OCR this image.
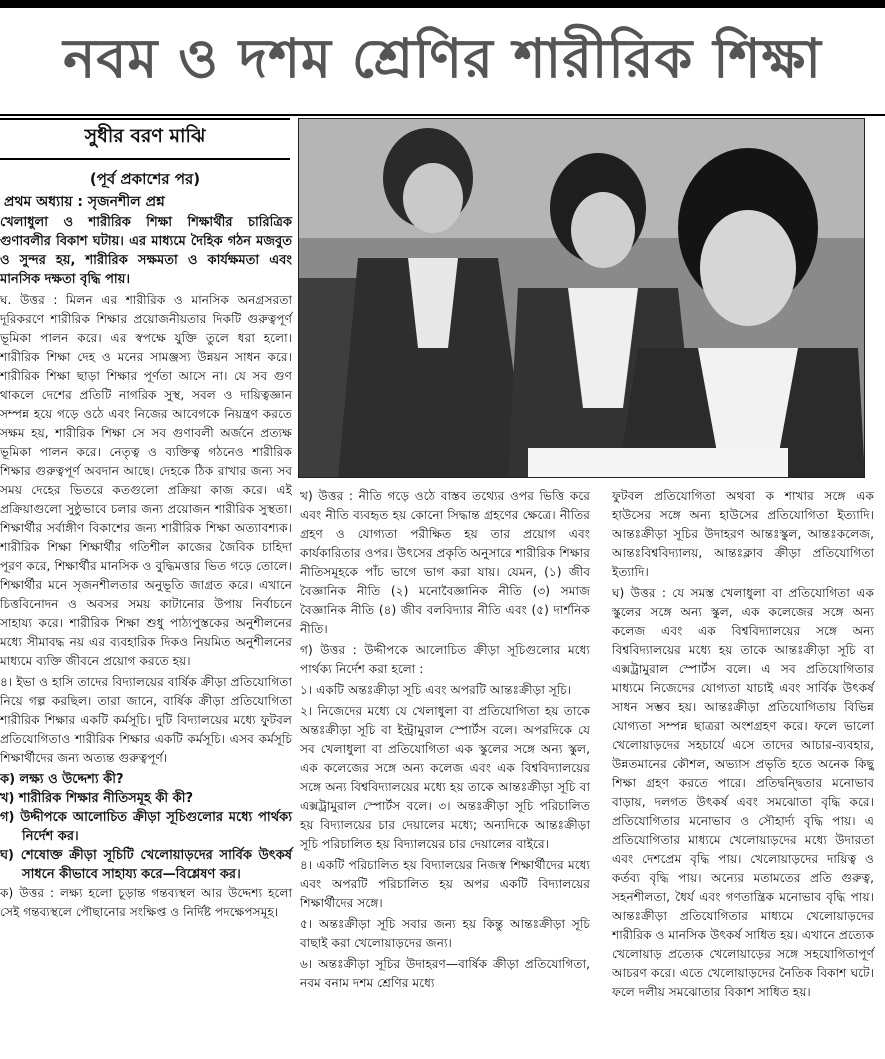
নবম ও দশম শ্রেণির শারীরিক শিক্ষা
সুধীর বরণ মাঝি
(পূর্ব প্রকাশের পর)
প্রথম অধ্যায় : সৃজনশীল প্রশ্ন

খেলাধুলা ও শারীরিক শিক্ষা শিক্ষার্থীর চারিত্রিক গুণাবলীর বিকাশ ঘটায়। এর মাধ্যমে দৈহিক গঠন মজবুত ও সুন্দর হয়, শারীরিক সক্ষমতা ও কার্যক্ষমতা এবং মানসিক দক্ষতা বৃদ্ধি পায়।

ঘ. উত্তর : মিলন এর শারীরিক ও মানসিক অনগ্রসরতা দূরিকরণে শারীরিক শিক্ষার প্রয়োজনীয়তার দিকটি গুরুত্বপূর্ণ ভূমিকা পালন করে। এর স্বপক্ষে যুক্তি তুলে ধরা হলো। শারীরিক শিক্ষা দেহ ও মনের সামঞ্জস্য উন্নয়ন সাধন করে। শারীরিক শিক্ষা ছাড়া শিক্ষার পূর্ণতা আসে না। যে সব গুণ থাকলে দেশের প্রতিটি নাগরিক সুস্থ, সবল ও দায়িত্বজ্ঞান সম্পন্ন হয়ে গড়ে ওঠে এবং নিজের আবেগকে নিয়ন্ত্রণ করতে সক্ষম হয়, শারীরিক শিক্ষা সে সব গুণাবলী অর্জনে প্রত্যক্ষ ভূমিকা পালন করে। নেতৃত্ব ও ব্যক্তিত্ব গঠনেও শারীরিক শিক্ষার গুরুত্বপূর্ণ অবদান আছে। দেহকে ঠিক রাখার জন্য সব সময় দেহের ভিতরে কতগুলো প্রক্রিয়া কাজ করে। এই প্রক্রিয়াগুলো সুষ্ঠুভাবে চলার জন্য প্রয়োজন শারীরিক সুস্থতা। শিক্ষার্থীর সর্বাঙ্গীণ বিকাশের জন্য শারীরিক শিক্ষা অত্যাবশ্যক। শারীরিক শিক্ষা শিক্ষার্থীর গতিশীল কাজের জৈবিক চাহিদা পূরণ করে, শিক্ষার্থীর মানসিক ও বুদ্ধিমত্তার ভিত গড়ে তোলে। শিক্ষার্থীর মনে সৃজনশীলতার অনুভূতি জাগ্রত করে। এখানে চিত্তবিনোদন ও অবসর সময় কাটানোর উপায় নির্বাচনে সাহায্য করে। শারীরিক শিক্ষা শুধু পাঠ্যপুস্তকের অনুশীলনের মধ্যে সীমাবদ্ধ নয় এর ব্যবহারিক দিকও নিয়মিত অনুশীলনের মাধ্যমে ব্যক্তি জীবনে প্রয়োগ করতে হয়।

৪। ইভা ও হাসি তাদের বিদ্যালয়ের বার্ষিক ক্রীড়া প্রতিযোগিতা নিয়ে গল্প করছিল। তারা জানে, বার্ষিক ক্রীড়া প্রতিযোগিতা শারীরিক শিক্ষার একটি কর্মসূচি। দুটি বিদ্যালয়ের মধ্যে ফুটবল প্রতিযোগিতাও শারীরিক শিক্ষার একটি কর্মসূচি। এসব কর্মসূচি শিক্ষার্থীদের জন্য অত্যন্ত গুরুত্বপূর্ণ।

ক) লক্ষ্য ও উদ্দেশ্য কী?
খ) শারীরিক শিক্ষার নীতিসমূহ কী কী?
গ) উদ্দীপকে আলোচিত ক্রীড়া সূচিগুলোর মধ্যে পার্থক্য নির্দেশ কর।
ঘ) শেষোক্ত ক্রীড়া সূচিটি খেলোয়াড়দের সার্বিক উৎকর্ষ সাধনে কীভাবে সাহায্য করে—বিশ্লেষণ কর।

ক) উত্তর : লক্ষ্য হলো চূড়ান্ত গন্তব্যস্থল আর উদ্দেশ্য হলো সেই গন্তব্যস্থলে পৌছানোর সংক্ষিপ্ত ও নির্দিষ্ট পদক্ষেপসমূহ।

খ) উত্তর : নীতি গড়ে ওঠে বাস্তব তথ্যের ওপর ভিত্তি করে এবং নীতি ব্যবহৃত হয় কোনো সিদ্ধান্ত গ্রহণের ক্ষেত্রে। নীতির গ্রহণ ও যোগ্যতা পরীক্ষিত হয় তার প্রয়োগ এবং কার্যকারিতার ওপর। উৎসের প্রকৃতি অনুসারে শারীরিক শিক্ষার নীতিসমূহকে পাঁচ ভাগে ভাগ করা যায়। যেমন, (১) জীব বৈজ্ঞানিক নীতি (২) মনোবৈজ্ঞানিক নীতি (৩) সমাজ বৈজ্ঞানিক নীতি (৪) জীব বলবিদ্যার নীতি এবং (৫) দার্শনিক নীতি।

গ) উত্তর : উদ্দীপকে আলোচিত ক্রীড়া সূচিগুলোর মধ্যে পার্থক্য নির্দেশ করা হলো :

১। একটি অন্তঃক্রীড়া সূচি এবং অপরটি আন্তঃক্রীড়া সূচি।

২। নিজেদের মধ্যে যে খেলাধুলা বা প্রতিযোগিতা হয় তাকে অন্তঃক্রীড়া সূচি বা ইন্ট্রামুরাল স্পোর্টস বলে। অপরদিকে যে সব খেলাধুলা বা প্রতিযোগিতা এক স্কুলের সঙ্গে অন্য স্কুল, এক কলেজের সঙ্গে অন্য কলেজ এবং এক বিশ্ববিদ্যালয়ের সঙ্গে অন্য বিশ্ববিদ্যালয়ের মধ্যে হয় তাকে আন্তঃক্রীড়া সূচি বা এক্সট্রামুরাল স্পোর্টস বলে। ৩। অন্তঃক্রীড়া সূচি পরিচালিত হয় বিদ্যালয়ের চার দেয়ালের মধ্যে; অন্যদিকে আন্তঃক্রীড়া সূচি পরিচালিত হয় বিদ্যালয়ের চার দেয়ালের বাইরে।

৪। একটি পরিচালিত হয় বিদ্যালয়ের নিজস্ব শিক্ষার্থীদের মধ্যে এবং অপরটি পরিচালিত হয় অপর একটি বিদ্যালয়ের শিক্ষার্থীদের সঙ্গে।

৫। অন্তঃক্রীড়া সূচি সবার জন্য হয় কিন্তু আন্তঃক্রীড়া সূচি বাছাই করা খেলোয়াড়দের জন্য।

৬। অন্তঃক্রীড়া সূচির উদাহরণ—বার্ষিক ক্রীড়া প্রতিযোগিতা, নবম বনাম দশম শ্রেণির মধ্যে

ফুটবল প্রতিযোগিতা অথবা ক শাখার সঙ্গে এক হাউসের সঙ্গে অন্য হাউসের প্রতিযোগিতা ইত্যাদি। আন্তঃক্রীড়া সূচির উদাহরণ আন্তঃস্কুল, আন্তঃকলেজ, আন্তঃবিশ্ববিদ্যালয়, আন্তঃক্লাব ক্রীড়া প্রতিযোগিতা ইত্যাদি।

ঘ) উত্তর : যে সমস্ত খেলাধুলা বা প্রতিযোগিতা এক স্কুলের সঙ্গে অন্য স্কুল, এক কলেজের সঙ্গে অন্য কলেজ এবং এক বিশ্ববিদ্যালয়ের সঙ্গে অন্য বিশ্ববিদ্যালয়ের মধ্যে হয় তাকে আন্তঃক্রীড়া সূচি বা এক্সট্রামুরাল স্পোর্টস বলে। এ সব প্রতিযোগিতার মাধ্যমে নিজেদের যোগ্যতা যাচাই এবং সার্বিক উৎকর্ষ সাধন সম্ভব হয়। আন্তঃক্রীড়া প্রতিযোগিতায় বিভিন্ন যোগ্যতা সম্পন্ন ছাত্ররা অংশগ্রহণ করে। ফলে ভালো খেলোয়াড়দের সহচার্যে এসে তাদের আচার-ব্যবহার, উন্নতমানের কৌশল, অভ্যাস প্রভৃতি হতে অনেক কিছু শিক্ষা গ্রহণ করতে পারে। প্রতিদ্বন্দ্বিতার মনোভাব বাড়ায়, দলগত উৎকর্ষ এবং সমঝোতা বৃদ্ধি করে। প্রতিযোগিতার মনোভাব ও সৌহার্দ্য বৃদ্ধি পায়। এ প্রতিযোগিতার মাধ্যমে খেলোয়াড়দের মধ্যে উদারতা এবং দেশপ্রেম বৃদ্ধি পায়। খেলোয়াড়দের দায়িত্ব ও কর্তব্য বৃদ্ধি পায়। অন্যের মতামতের প্রতি গুরুত্ব, সহনশীলতা, ধৈর্য এবং গণতান্ত্রিক মনোভাব বৃদ্ধি পায়। আন্তঃক্রীড়া প্রতিযোগিতার মাধ্যমে খেলোয়াড়দের শারীরিক ও মানসিক উৎকর্ষ সাধিত হয়। এখানে প্রত্যেক খেলোয়াড় প্রত্যেক খেলোয়াড়ের সঙ্গে সহযোগিতাপূর্ণ আচরণ করে। এতে খেলোয়াড়দের নৈতিক বিকাশ ঘটে। ফলে দলীয় সমঝোতার বিকাশ সাধিত হয়।
